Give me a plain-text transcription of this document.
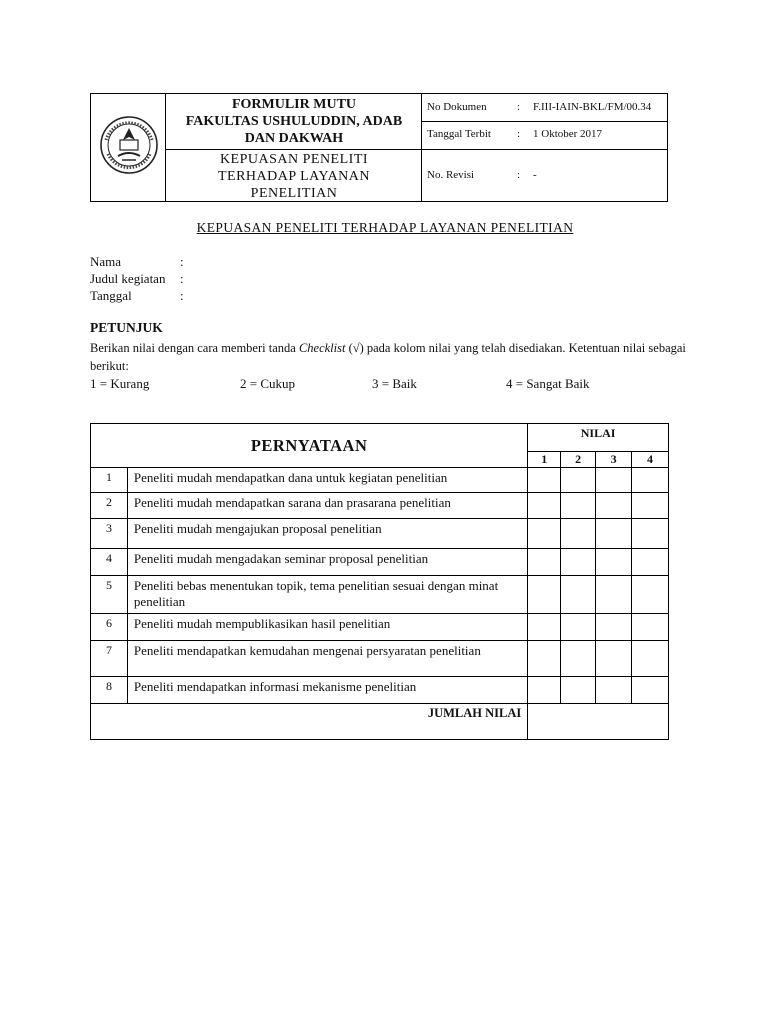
FORMULIR MUTU
FAKULTAS USHULUDDIN, ADAB
DAN DAKWAH
KEPUASAN PENELITI
TERHADAP LAYANAN
PENELITIAN
No Dokumen	: F.III-IAIN-BKL/FM/00.34
Tanggal Terbit : 1 Oktober 2017
No. Revisi	: -
KEPUASAN PENELITI TERHADAP LAYANAN PENELITIAN
Nama	:
Judul kegiatan :
Tanggal	:
PETUNJUK
Berikan nilai dengan cara memberi tanda Checklist (√) pada kolom nilai yang telah disediakan. Ketentuan nilai sebagai berikut:
1 = Kurang	2 = Cukup	3 = Baik	4 = Sangat Baik
PERNYATAAN		NILAI			
		1	2	3	4
1	Peneliti mudah mendapatkan dana untuk kegiatan penelitian				
2	Peneliti mudah mendapatkan sarana dan prasarana penelitian				
3	Peneliti mudah mengajukan proposal penelitian				
4	Peneliti mudah mengadakan seminar proposal penelitian				
5	Peneliti bebas menentukan topik, tema penelitian sesuai dengan minat penelitian				
6	Peneliti mudah mempublikasikan hasil penelitian				
7	Peneliti mendapatkan kemudahan mengenai persyaratan penelitian				
8	Peneliti mendapatkan informasi mekanisme penelitian				
JUMLAH NILAI					
